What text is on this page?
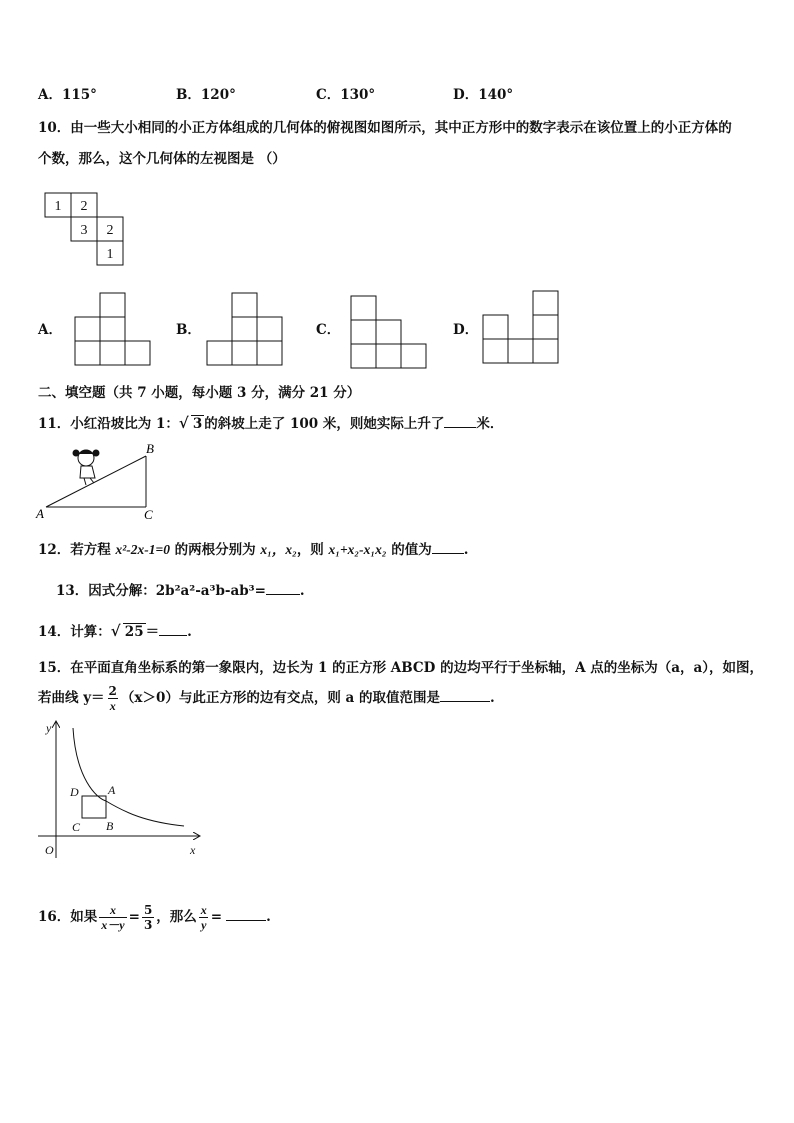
A．115°	B．120°	C．130°	D．140°
10．由一些大小相同的小正方体组成的几何体的俯视图如图所示，其中正方形中的数字表示在该位置上的小正方体的
个数，那么，这个几何体的左视图是 （）
1 2
3 2
1
A．	B．	C．	D．
二、填空题（共 7 小题，每小题 3 分，满分 21 分）
11．小红沿坡比为 1： √ 3 的斜坡上走了 100 米，则她实际上升了 米．
A
B
C
12．若方程 x²-2x-1=0 的两根分别为 x₁，x₂，则 x₁+x₂-x₁x₂ 的值为 .
13．因式分解：2b²a²-a³b-ab³=	.
14．计算： √ 25 ＝ .
15．在平面直角坐标系的第一象限内，边长为 1 的正方形 ABCD 的边均平行于坐标轴，A 点的坐标为（a，a），如图，
若曲线 $y= \frac{2}{x} (x>0)$与此正方形的边有交点，则 a 的取值范围是	.
y
x
O
A
B
C
D
16．如果 $\frac{x}{x-y} = \frac{5}{3}$ ，那么 $\frac{x}{y}$ =	.
